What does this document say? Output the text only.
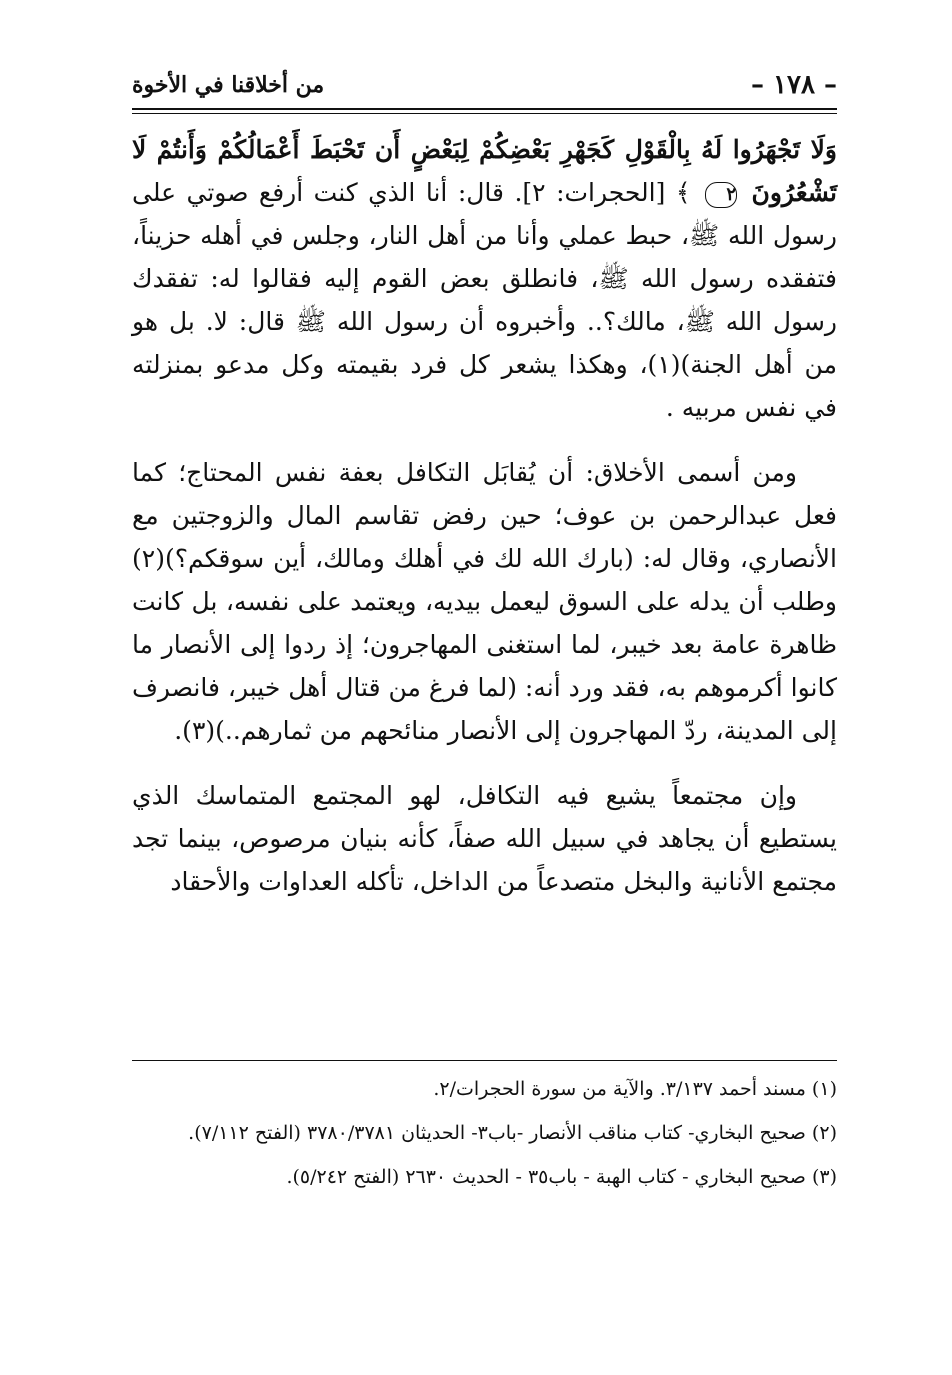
– ١٧٨ –
من أخلاقنا في الأخوة

وَلَا تَجْهَرُوا لَهُ بِالْقَوْلِ كَجَهْرِ بَعْضِكُمْ لِبَعْضٍ أَن تَحْبَطَ أَعْمَالُكُمْ وَأَنتُمْ لَا تَشْعُرُونَ ٢ ﴾ [الحجرات: ٢]. قال: أنا الذي كنت أرفع صوتي على رسول الله ﷺ، حبط عملي وأنا من أهل النار، وجلس في أهله حزيناً، فتفقده رسول الله ﷺ، فانطلق بعض القوم إليه فقالوا له: تفقدك رسول الله ﷺ، مالك؟.. وأخبروه أن رسول الله ﷺ قال: لا. بل هو من أهل الجنة)(١)، وهكذا يشعر كل فرد بقيمته وكل مدعو بمنزلته في نفس مربيه .

ومن أسمى الأخلاق: أن يُقابَل التكافل بعفة نفس المحتاج؛ كما فعل عبدالرحمن بن عوف؛ حين رفض تقاسم المال والزوجتين مع الأنصاري، وقال له: (بارك الله لك في أهلك ومالك، أين سوقكم؟)(٢) وطلب أن يدله على السوق ليعمل بيديه، ويعتمد على نفسه، بل كانت ظاهرة عامة بعد خيبر، لما استغنى المهاجرون؛ إذ ردوا إلى الأنصار ما كانوا أكرموهم به، فقد ورد أنه: (لما فرغ من قتال أهل خيبر، فانصرف إلى المدينة، ردّ المهاجرون إلى الأنصار منائحهم من ثمارهم..)(٣).

وإن مجتمعاً يشيع فيه التكافل، لهو المجتمع المتماسك الذي يستطيع أن يجاهد في سبيل الله صفاً، كأنه بنيان مرصوص، بينما تجد مجتمع الأنانية والبخل متصدعاً من الداخل، تأكله العداوات والأحقاد

(١) مسند أحمد ٣/١٣٧. والآية من سورة الحجرات/٢.

(٢) صحيح البخاري- كتاب مناقب الأنصار -باب٣- الحديثان ٣٧٨٠/٣٧٨١ (الفتح ٧/١١٢).

(٣) صحيح البخاري - كتاب الهبة - باب٣٥ - الحديث ٢٦٣٠ (الفتح ٥/٢٤٢).
